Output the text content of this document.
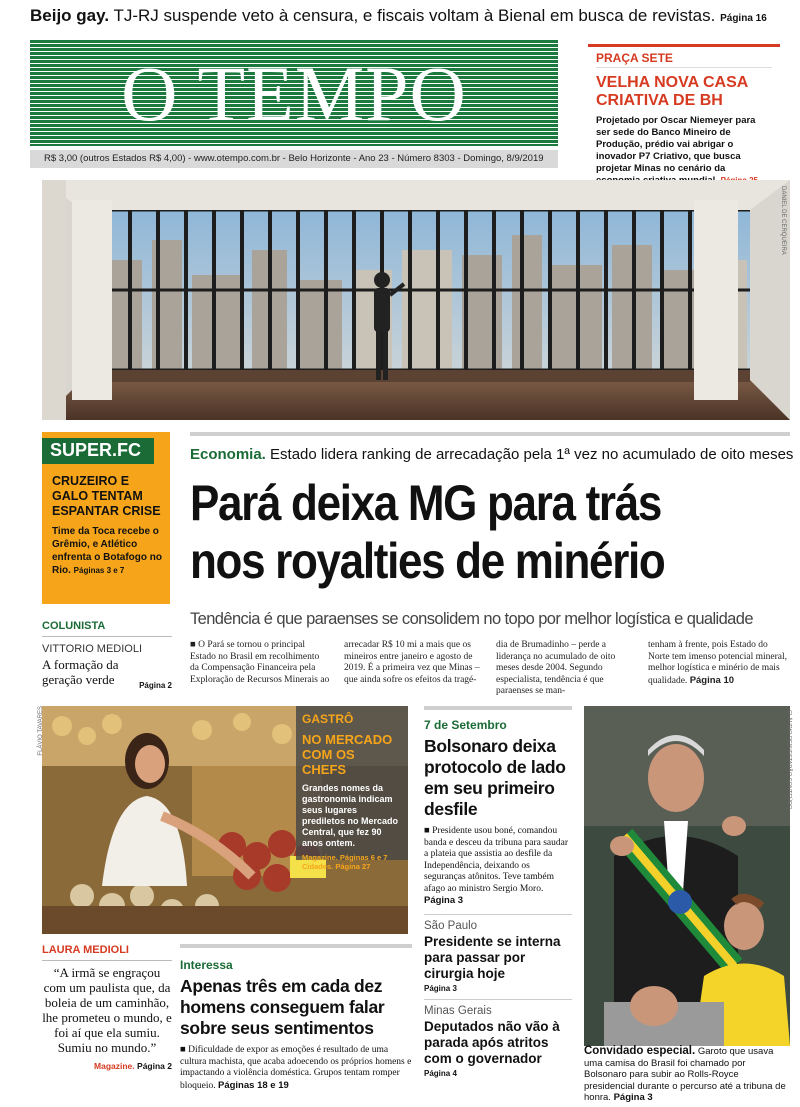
Beijo gay. TJ-RJ suspende veto à censura, e fiscais voltam à Bienal em busca de revistas. Página 16
O TEMPO
R$ 3,00 (outros Estados R$ 4,00) - www.otempo.com.br - Belo Horizonte - Ano 23 - Número 8303 - Domingo, 8/9/2019
PRAÇA SETE
VELHA NOVA CASA CRIATIVA DE BH
Projetado por Oscar Niemeyer para ser sede do Banco Mineiro de Produção, prédio vai abrigar o inovador P7 Criativo, que busca projetar Minas no cenário da
DANIEL DE CERQUEIRA
SUPER.FC
CRUZEIRO E GALO TENTAM ESPANTAR CRISE
Time da Toca recebe o Grêmio, e Atlético enfrenta o Botafogo no Rio. Páginas 3 e 7
COLUNISTA
VITTORIO MEDIOLI
A formação da geração verde	Página 2
Economia. Estado lidera ranking de arrecadação pela 1ª vez no acumulado de oito meses
Pará deixa MG para trás
nos royalties de minério
Tendência é que paraenses se consolidem no topo por melhor logística e qualidade
■ O Pará se tornou o principal Estado no Brasil em recolhimento da Compensação Financeira pela Exploração de Recursos Minerais ao
arrecadar R$ 10 mi a mais que os mineiros entre janeiro e agosto de 2019. É a primeira vez que Minas – que ainda sofre os efeitos da tragé-
dia de Brumadinho – perde a liderança no acumulado de oito meses desde 2004. Segundo especialista, tendência é que paraenses se man-
tenham à frente, pois Estado do Norte tem imenso potencial mineral, melhor logística e minério de mais qualidade. Página 10
FLÁVIO TAVARES	GASTRÔ
NO MERCADO COM OS CHEFS
Grandes nomes da gastronomia indicam seus lugares prediletos no Mercado Central, que fez 90 anos ontem.
Magazine. Páginas 6 e 7 Cidades. Página 27
LAURA MEDIOLI
“A irmã se engraçou com um paulista que, da boleia de um caminhão, lhe prometeu o mundo, e foi aí que ela sumiu. Sumiu no mundo.”
Magazine. Página 2
Interessa
Apenas três em cada dez homens conseguem falar sobre seus sentimentos
■ Dificuldade de expor as emoções é resultado de uma cultura machista, que acaba adoecendo os próprios homens e impactando a violência doméstica. Grupos tentam romper bloqueio. Páginas 18 e 19
7 de Setembro
Bolsonaro deixa protocolo de lado em seu primeiro desfile
■ Presidente usou boné, comandou banda e desceu da tribuna para saudar a plateia que assistia ao desfile da Independência, deixando os seguranças atônitos. Teve também afago ao ministro Sergio Moro. Página 3
São Paulo
Presidente se interna para passar por cirurgia hoje
Página 3
Minas Gerais
Deputados não vão à parada após atritos com o governador
Página 4
CLÁUDIO REIS/ESTADÃO CONTEÚDO
Convidado especial. Garoto que usava uma camisa do Brasil foi chamado por Bolsonaro para subir ao Rolls-Royce presidencial durante o percurso até a tribuna de honra. Página 3
